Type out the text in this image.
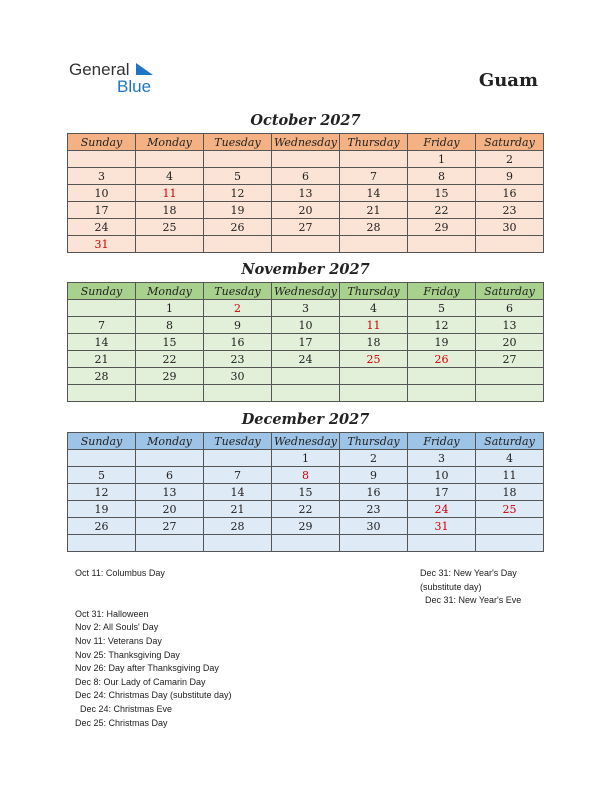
General
Blue	Guam
October 2027
Sunday	Monday	Tuesday	Wednesday	Thursday	Friday	Saturday
					1	2
3	4	5	6	7	8	9
10	11	12	13	14	15	16
17	18	19	20	21	22	23
24	25	26	27	28	29	30
31						
November 2027
Sunday	Monday	Tuesday	Wednesday	Thursday	Friday	Saturday
	1	2	3	4	5	6
7	8	9	10	11	12	13
14	15	16	17	18	19	20
21	22	23	24	25	26	27
28	29	30				

December 2027
Sunday	Monday	Tuesday	Wednesday	Thursday	Friday	Saturday
			1	2	3	4
5	6	7	8	9	10	11
12	13	14	15	16	17	18
19	20	21	22	23	24	25
26	27	28	29	30	31	

Oct 11: Columbus Day

Oct 31: Halloween
Nov 2: All Souls' Day
Nov 11: Veterans Day
Nov 25: Thanksgiving Day
Nov 26: Day after Thanksgiving Day
Dec 8: Our Lady of Camarin Day
Dec 24: Christmas Day (substitute day)
Dec 24: Christmas Eve
Dec 25: Christmas Day
Dec 31: New Year's Day
(substitute day)
Dec 31: New Year's Eve
